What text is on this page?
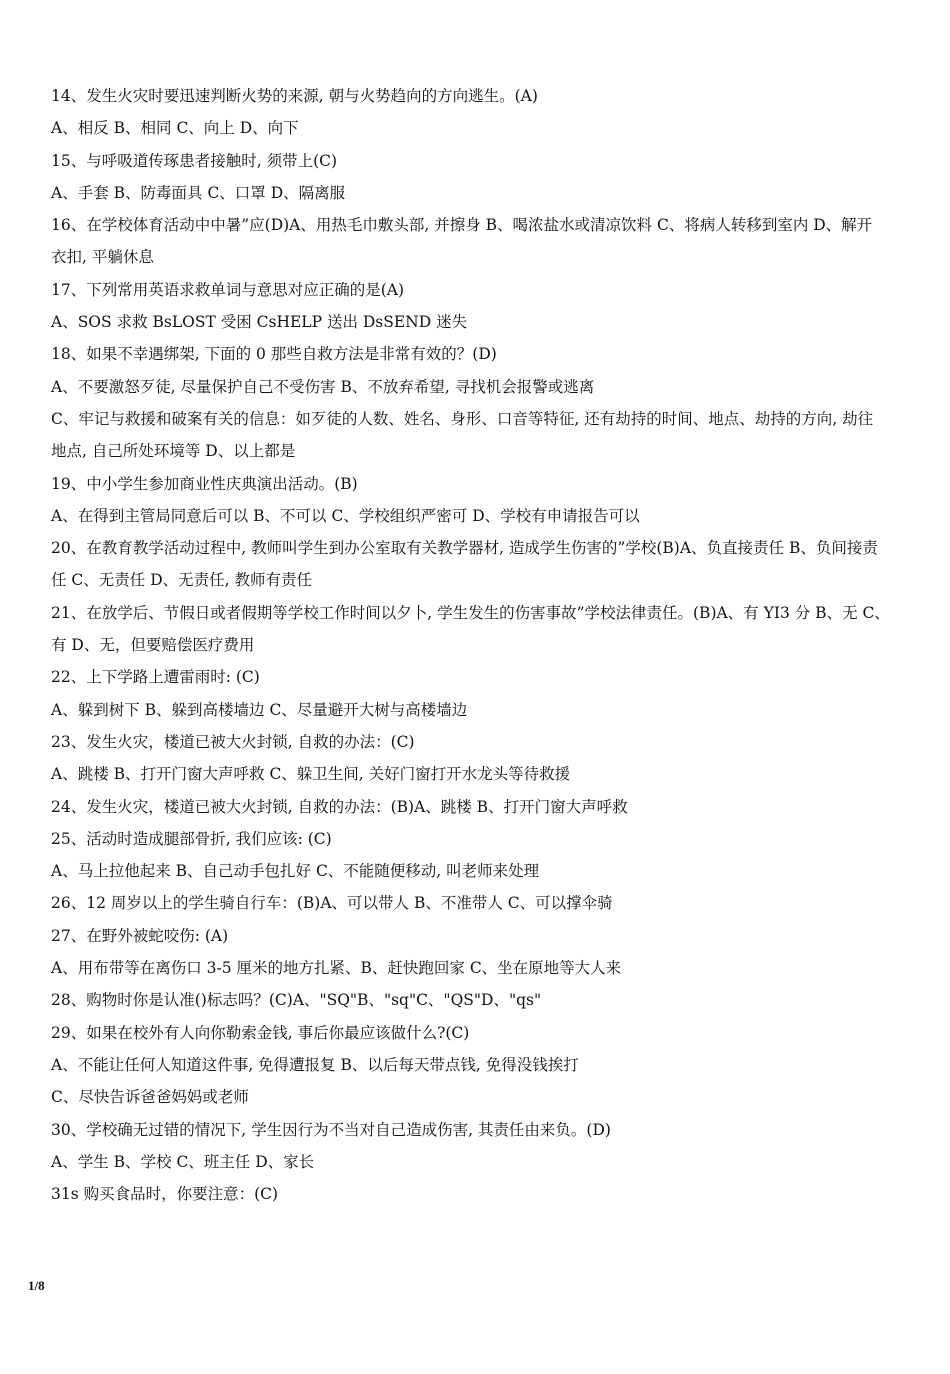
14、发生火灾时要迅速判断火势的来源, 朝与火势趋向的方向逃生。(A)
A、相反 B、相同 C、向上 D、向下
15、与呼吸道传琢患者接触时, 须带上(C)
A、手套 B、防毒面具 C、口罩 D、隔离服
16、在学校体育活动中中暑”应(D)A、用热毛巾敷头部, 并擦身 B、喝浓盐水或清凉饮料 C、将病人转移到室内 D、解开
衣扣, 平躺休息
17、下列常用英语求救单词与意思对应正确的是(A)
A、SOS 求救 BsLOST 受困 CsHELP 送出 DsSEND 迷失
18、如果不幸遇绑架, 下面的 0 那些自救方法是非常有效的？(D)
A、不要激怒歹徒, 尽量保护自己不受伤害 B、不放弃希望, 寻找机会报警或逃离
C、牢记与救援和破案有关的信息：如歹徒的人数、姓名、身形、口音等特征, 还有劫持的时间、地点、劫持的方向, 劫往
地点, 自己所处环境等 D、以上都是
19、中小学生参加商业性庆典演出活动。(B)
A、在得到主管局同意后可以 B、不可以 C、学校组织严密可 D、学校有申请报告可以
20、在教育教学活动过程中, 教师叫学生到办公室取有关教学器材, 造成学生伤害的”学校(B)A、负直接责任 B、负间接责
任 C、无责任 D、无责任, 教师有责任
21、在放学后、节假日或者假期等学校工作时间以夕卜, 学生发生的伤害事故”学校法律责任。(B)A、有 YI3 分 B、无 C、
有 D、无，但要赔偿医疗费用
22、上下学路上遭雷雨时: (C)
A、躲到树下 B、躲到高楼墙边 C、尽量避开大树与高楼墙边
23、发生火灾，楼道已被大火封锁, 自救的办法：(C)
A、跳楼 B、打开门窗大声呼救 C、躲卫生间, 关好门窗打开水龙头等待救援
24、发生火灾，楼道已被大火封锁, 自救的办法：(B)A、跳楼 B、打开门窗大声呼救
25、活动时造成腿部骨折, 我们应该: (C)
A、马上拉他起来 B、自己动手包扎好 C、不能随便移动, 叫老师来处理
26、12 周岁以上的学生骑自行车：(B)A、可以带人 B、不准带人 C、可以撑伞骑
27、在野外被蛇咬伤: (A)
A、用布带等在离伤口 3-5 厘米的地方扎紧、B、赶快跑回家 C、坐在原地等大人来
28、购物时你是认准()标志吗？(C)A、"SQ"B、"sq"C、"QS"D、"qs"
29、如果在校外有人向你勒索金钱, 事后你最应该做什么?(C)
A、不能让任何人知道这件事, 免得遭报复 B、以后每天带点钱, 免得没钱挨打
C、尽快告诉爸爸妈妈或老师
30、学校确无过错的情况下, 学生因行为不当对自己造成伤害, 其责任由来负。(D)
A、学生 B、学校 C、班主任 D、家长
31s 购买食品时，你要注意：(C)
1/8
